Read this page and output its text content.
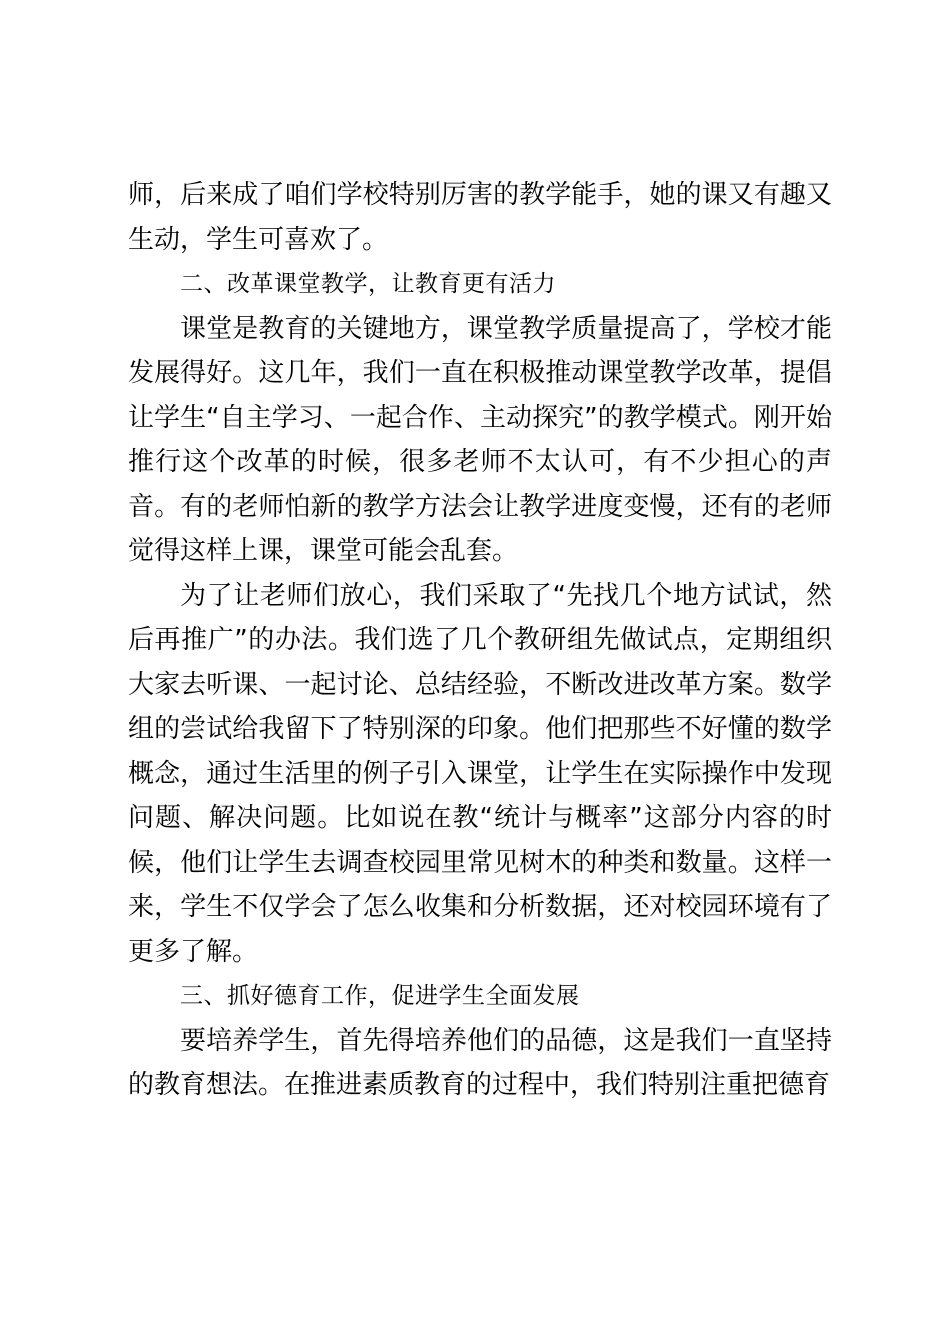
师，后来成了咱们学校特别厉害的教学能手，她的课又有趣又生动，学生可喜欢了。

二、改革课堂教学，让教育更有活力

课堂是教育的关键地方，课堂教学质量提高了，学校才能发展得好。这几年，我们一直在积极推动课堂教学改革，提倡让学生“自主学习、一起合作、主动探究”的教学模式。刚开始推行这个改革的时候，很多老师不太认可，有不少担心的声音。有的老师怕新的教学方法会让教学进度变慢，还有的老师觉得这样上课，课堂可能会乱套。

为了让老师们放心，我们采取了“先找几个地方试试，然后再推广”的办法。我们选了几个教研组先做试点，定期组织大家去听课、一起讨论、总结经验，不断改进改革方案。数学组的尝试给我留下了特别深的印象。他们把那些不好懂的数学概念，通过生活里的例子引入课堂，让学生在实际操作中发现问题、解决问题。比如说在教“统计与概率”这部分内容的时候，他们让学生去调查校园里常见树木的种类和数量。这样一来，学生不仅学会了怎么收集和分析数据，还对校园环境有了更多了解。

三、抓好德育工作，促进学生全面发展

要培养学生，首先得培养他们的品德，这是我们一直坚持的教育想法。在推进素质教育的过程中，我们特别注重把德育
